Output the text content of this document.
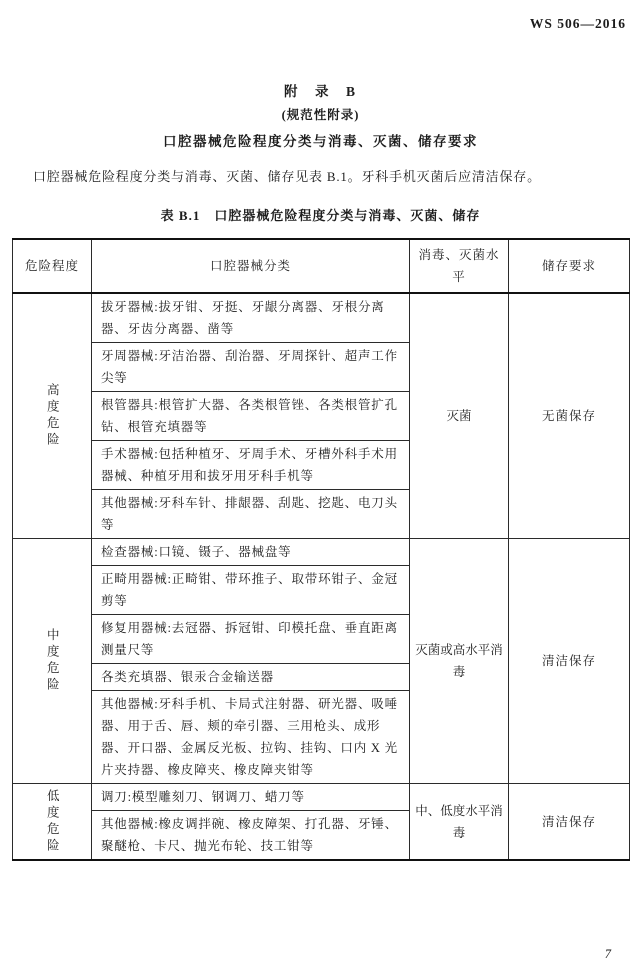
WS 506—2016
附　录　B
(规范性附录)
口腔器械危险程度分类与消毒、灭菌、储存要求

口腔器械危险程度分类与消毒、灭菌、储存见表 B.1。牙科手机灭菌后应清洁保存。

表 B.1　口腔器械危险程度分类与消毒、灭菌、储存
危险程度	口腔器械分类	消毒、灭菌水平	储存要求

高度危险	拔牙器械:拔牙钳、牙挺、牙龈分离器、牙根分离器、牙齿分离器、凿等	灭菌	无菌保存
	牙周器械:牙洁治器、刮治器、牙周探针、超声工作尖等		
	根管器具:根管扩大器、各类根管锉、各类根管扩孔钻、根管充填器等		
	手术器械:包括种植牙、牙周手术、牙槽外科手术用器械、种植牙用和拔牙用牙科手机等		
	其他器械:牙科车针、排龈器、刮匙、挖匙、电刀头等		

中度危险	检查器械:口镜、镊子、器械盘等	灭菌或高水平消毒	清洁保存
	正畸用器械:正畸钳、带环推子、取带环钳子、金冠剪等		
	修复用器械:去冠器、拆冠钳、印模托盘、垂直距离测量尺等		
	各类充填器、银汞合金输送器		
	其他器械:牙科手机、卡局式注射器、研光器、吸唾器、用于舌、唇、颊的牵引器、三用枪头、成形器、开口器、金属反光板、拉钩、挂钩、口内 X 光片夹持器、橡皮障夹、橡皮障夹钳等		

低度危险	调刀:模型雕刻刀、钢调刀、蜡刀等	中、低度水平消毒	清洁保存
	其他器械:橡皮调拌碗、橡皮障架、打孔器、牙锤、聚醚枪、卡尺、抛光布轮、技工钳等		
7
